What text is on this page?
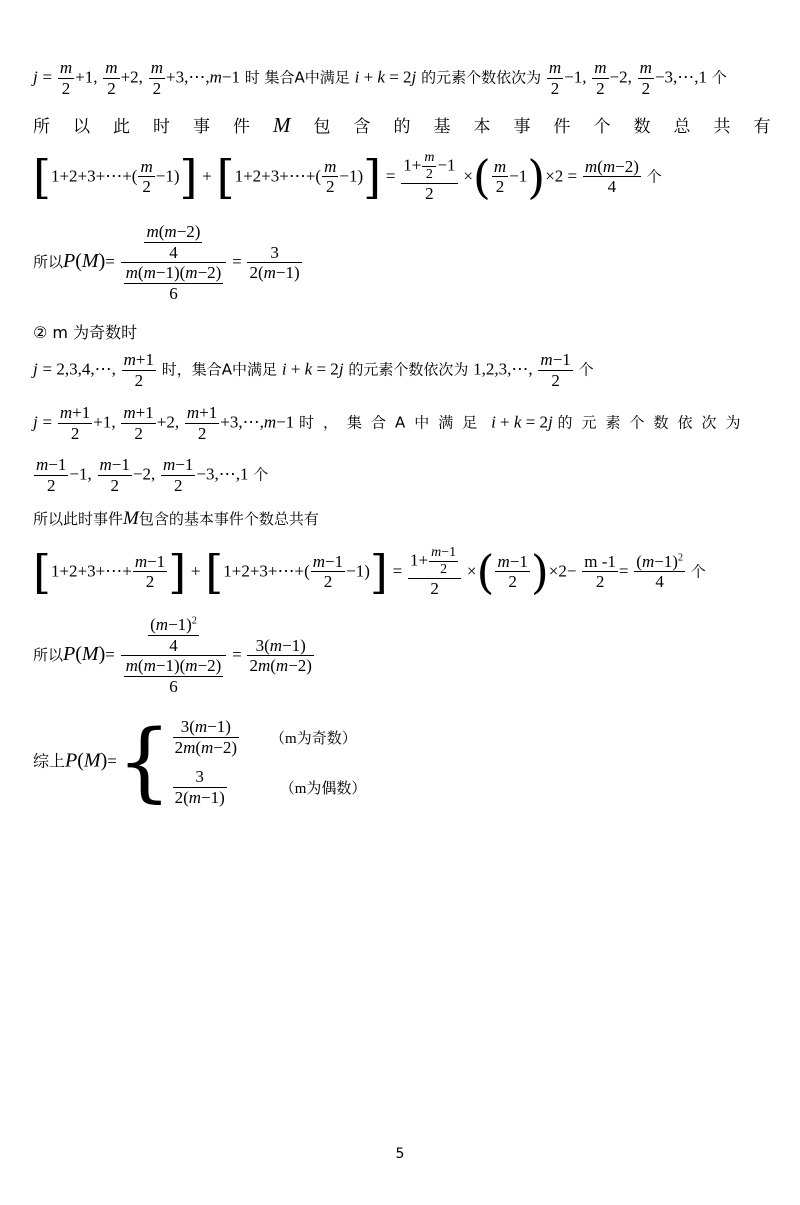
$j = \frac{m}{2} +1$, $\frac{m}{2} +2$, $\frac{m}{2}$ +3,⋯,m−1 时 集合A中满足 i + k = 2j 的元素个数依次为 $\frac{m}{2} -1$, $\frac{m}{2} -2$, $\frac{m}{2}$ −3,⋯,1 个
所以此时事件M 包含的基本事件个数总共有
[1+2+3+⋯+( $\frac{m}{2} -1$)] + [1+2+3+⋯+( $\frac{m}{2} -1)] = \frac{1+ \frac{m}{2} -1}{2}$ ×( $\frac{m}{2} -1)\times 2 = \frac{m(m-2)}{4}$ 个
所以$P(M)= \frac{\frac{m(m-2)}{4}}{\frac{m(m-1)(m-2)}{6}} = \frac{3}{2(m-1)}$
② m 为奇数时
j = 2,3,4,⋯, $\frac{m+1}{2}$ 时，集合A中满足 i + k = 2j 的元素个数依次为 1,2,3,⋯, $\frac{m-1}{2}$ 个
$j = \frac{m+1}{2} +1$, $\frac{m+1}{2} +2$, $\frac{m+1}{2}$ +3,⋯,m−1 时，集合A中满足 i + k = 2j 的元素个数依次为
$\frac{m-1}{2} -1$, $\frac{m-1}{2} -2$, $\frac{m-1}{2}$ −3,⋯,1 个
所以此时事件M包含的基本事件个数总共有
[1+2+3+⋯+ $\frac{m-1}{2}$ ] + [1+2+3+⋯+( $\frac{m-1}{2} -1)] = \frac{1+ \frac{m-1}{2}}{2}$ ×( $\frac{m-1}{2} )\times 2- \frac{m -1}{2} = \frac{(m-1)^2}{4}$ 个
所以$P(M)= \frac{\frac{(m-1)^2}{4}}{\frac{m(m-1)(m-2)}{6}} = \frac{3(m-1)}{2m(m-2)}$
综上$P(M)=\{ \frac{3(m-1)}{2m(m-2)} (m$为奇数）
$\frac{3}{2(m-1)}$	（m为偶数）
5
